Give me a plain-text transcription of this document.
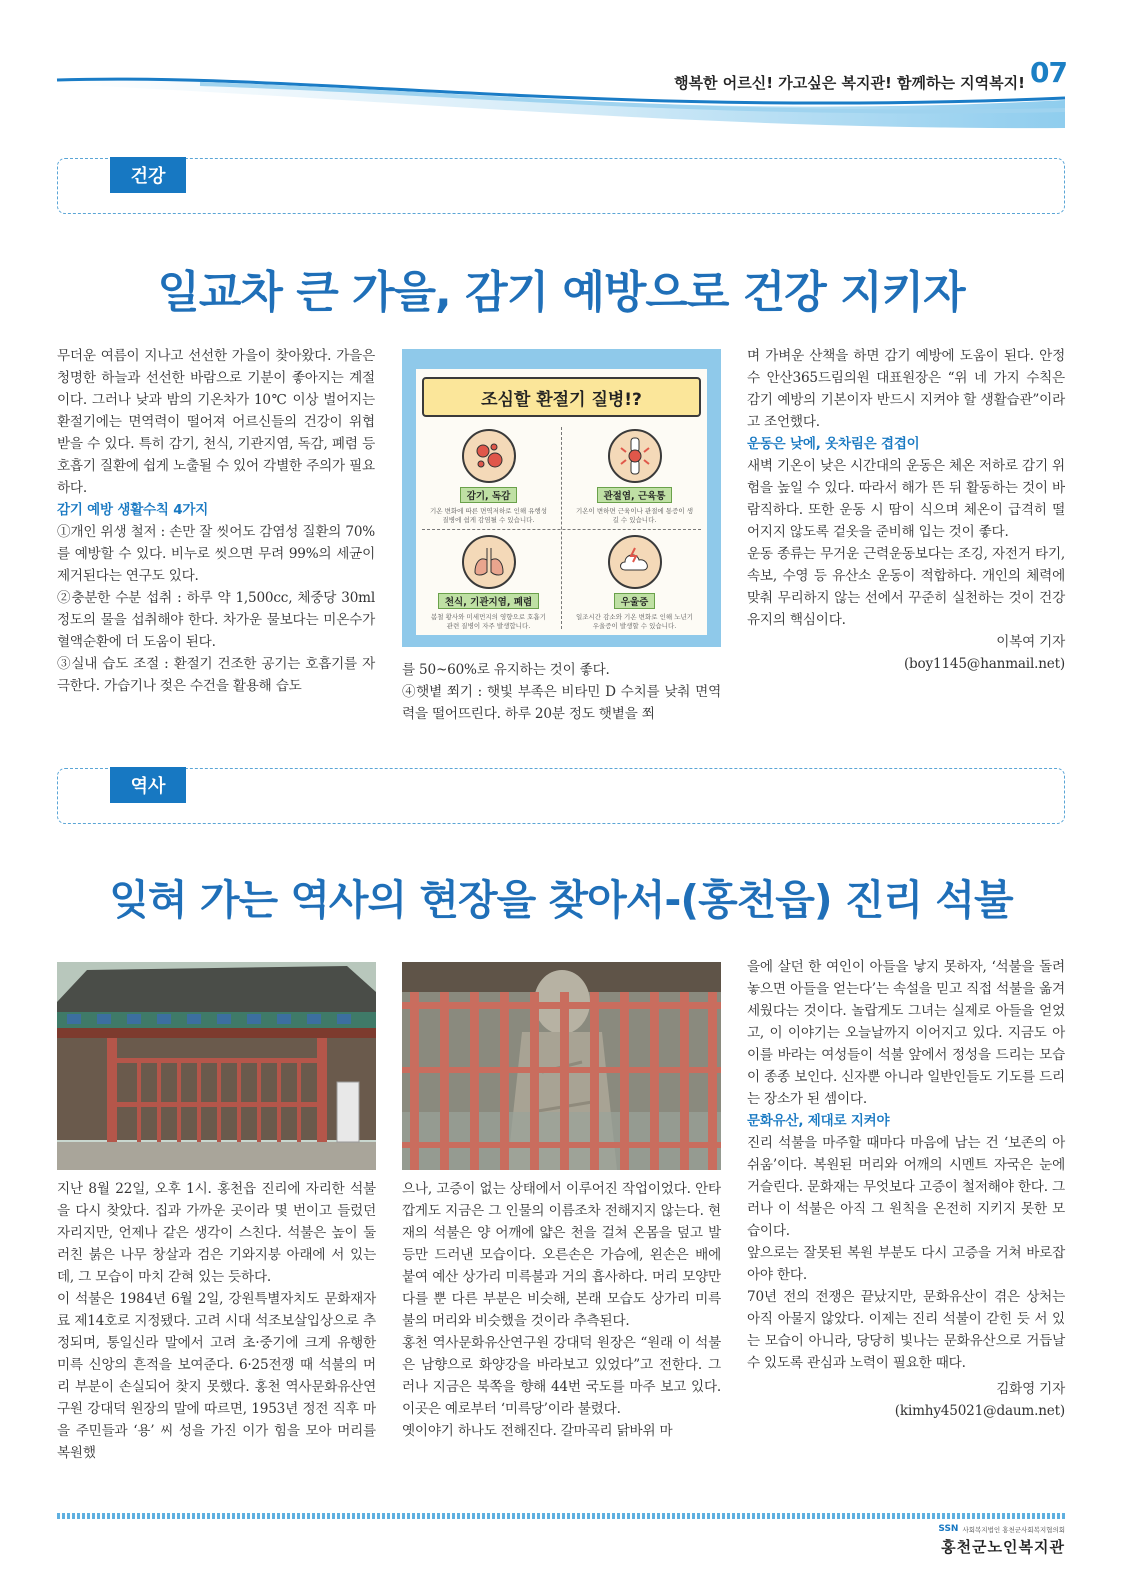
행복한 어르신! 가고싶은 복지관! 함께하는 지역복지! 07
건강
일교차 큰 가을, 감기 예방으로 건강 지키자

무더운 여름이 지나고 선선한 가을이 찾아왔다. 가을은 청명한 하늘과 선선한 바람으로 기분이 좋아지는 계절이다. 그러나 낮과 밤의 기온차가 10℃ 이상 벌어지는 환절기에는 면역력이 떨어져 어르신들의 건강이 위협받을 수 있다. 특히 감기, 천식, 기관지염, 독감, 폐렴 등 호흡기 질환에 쉽게 노출될 수 있어 각별한 주의가 필요하다.

감기 예방 생활수칙 4가지

①개인 위생 철저 : 손만 잘 씻어도 감염성 질환의 70%를 예방할 수 있다. 비누로 씻으면 무려 99%의 세균이 제거된다는 연구도 있다.

②충분한 수분 섭취 : 하루 약 1,500cc, 체중당 30ml 정도의 물을 섭취해야 한다. 차가운 물보다는 미온수가 혈액순환에 더 도움이 된다.

③실내 습도 조절 : 환절기 건조한 공기는 호흡기를 자극한다. 가습기나 젖은 수건을 활용해 습도

조심할 환절기 질병!?
감기, 독감
기온 변화에 따른 면역저하로 인해 유행성 질병에 쉽게 감염될 수 있습니다.
관절염, 근육통
기온이 변하면 근육이나 관절에 통증이 생길 수 있습니다.
천식, 기관지염, 폐렴
봄철 황사와 미세먼지의 영향으로 호흡기 관련 질병이 자주 발생합니다.
우울증
일조시간 감소와 기온 변화로 인해 노년기 우울증이 발생할 수 있습니다.

를 50~60%로 유지하는 것이 좋다.

④햇볕 쬐기 : 햇빛 부족은 비타민 D 수치를 낮춰 면역력을 떨어뜨린다. 하루 20분 정도 햇볕을 쬐

며 가벼운 산책을 하면 감기 예방에 도움이 된다. 안정수 안산365드림의원 대표원장은 “위 네 가지 수칙은 감기 예방의 기본이자 반드시 지켜야 할 생활습관”이라고 조언했다.

운동은 낮에, 옷차림은 겹겹이

새벽 기온이 낮은 시간대의 운동은 체온 저하로 감기 위험을 높일 수 있다. 따라서 해가 뜬 뒤 활동하는 것이 바람직하다. 또한 운동 시 땀이 식으며 체온이 급격히 떨어지지 않도록 겉옷을 준비해 입는 것이 좋다.

운동 종류는 무거운 근력운동보다는 조깅, 자전거 타기, 속보, 수영 등 유산소 운동이 적합하다. 개인의 체력에 맞춰 무리하지 않는 선에서 꾸준히 실천하는 것이 건강 유지의 핵심이다.

이복여 기자

(boy1145@hanmail.net)

역사
잊혀 가는 역사의 현장을 찾아서-(홍천읍) 진리 석불

지난 8월 22일, 오후 1시. 홍천읍 진리에 자리한 석불을 다시 찾았다. 집과 가까운 곳이라 몇 번이고 들렀던 자리지만, 언제나 같은 생각이 스친다. 석불은 높이 둘러친 붉은 나무 창살과 검은 기와지붕 아래에 서 있는데, 그 모습이 마치 갇혀 있는 듯하다.

이 석불은 1984년 6월 2일, 강원특별자치도 문화재자료 제14호로 지정됐다. 고려 시대 석조보살입상으로 추정되며, 통일신라 말에서 고려 초·중기에 크게 유행한 미륵 신앙의 흔적을 보여준다. 6·25전쟁 때 석불의 머리 부분이 손실되어 찾지 못했다. 홍천 역사문화유산연구원 강대덕 원장의 말에 따르면, 1953년 정전 직후 마을 주민들과 ‘용’ 씨 성을 가진 이가 힘을 모아 머리를 복원했

으나, 고증이 없는 상태에서 이루어진 작업이었다. 안타깝게도 지금은 그 인물의 이름조차 전해지지 않는다. 현재의 석불은 양 어깨에 얇은 천을 걸쳐 온몸을 덮고 발등만 드러낸 모습이다. 오른손은 가슴에, 왼손은 배에 붙여 예산 상가리 미륵불과 거의 흡사하다. 머리 모양만 다를 뿐 다른 부분은 비슷해, 본래 모습도 상가리 미륵불의 머리와 비슷했을 것이라 추측된다.

홍천 역사문화유산연구원 강대덕 원장은 “원래 이 석불은 남향으로 화양강을 바라보고 있었다”고 전한다. 그러나 지금은 북쪽을 향해 44번 국도를 마주 보고 있다. 이곳은 예로부터 ‘미륵당’이라 불렸다.

옛이야기 하나도 전해진다. 갈마곡리 닭바위 마

을에 살던 한 여인이 아들을 낳지 못하자, ‘석불을 돌려놓으면 아들을 얻는다’는 속설을 믿고 직접 석불을 옮겨 세웠다는 것이다. 놀랍게도 그녀는 실제로 아들을 얻었고, 이 이야기는 오늘날까지 이어지고 있다. 지금도 아이를 바라는 여성들이 석불 앞에서 정성을 드리는 모습이 종종 보인다. 신자뿐 아니라 일반인들도 기도를 드리는 장소가 된 셈이다.

문화유산, 제대로 지켜야

진리 석불을 마주할 때마다 마음에 남는 건 ‘보존의 아쉬움’이다. 복원된 머리와 어깨의 시멘트 자국은 눈에 거슬린다. 문화재는 무엇보다 고증이 철저해야 한다. 그러나 이 석불은 아직 그 원칙을 온전히 지키지 못한 모습이다.

앞으로는 잘못된 복원 부분도 다시 고증을 거쳐 바로잡아야 한다.

70년 전의 전쟁은 끝났지만, 문화유산이 겪은 상처는 아직 아물지 않았다. 이제는 진리 석불이 갇힌 듯 서 있는 모습이 아니라, 당당히 빛나는 문화유산으로 거듭날 수 있도록 관심과 노력이 필요한 때다.

김화영 기자

(kimhy45021@daum.net)

SSN 사회복지법인 홍천군사회복지협의회
홍천군노인복지관
